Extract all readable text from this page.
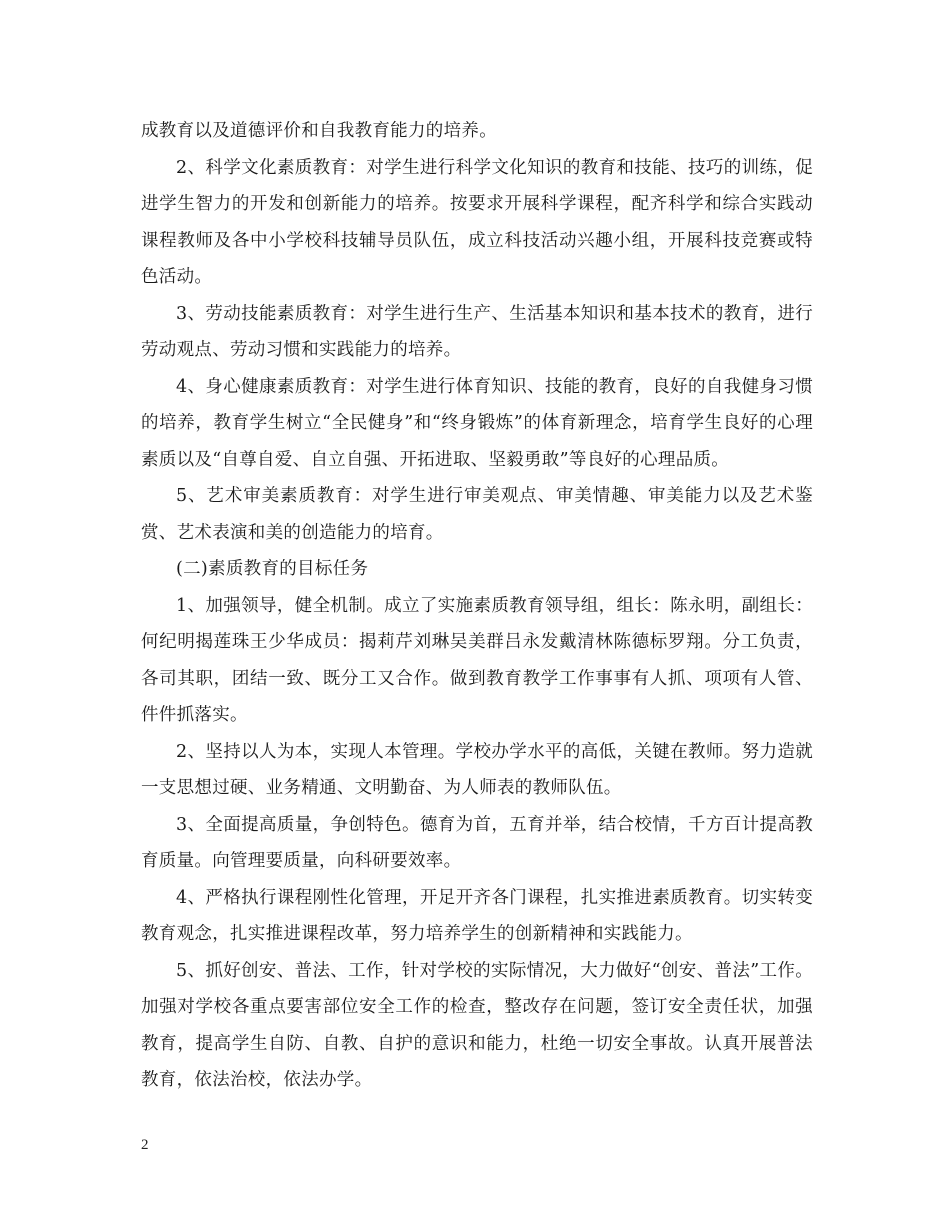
成教育以及道德评价和自我教育能力的培养。

2、科学文化素质教育：对学生进行科学文化知识的教育和技能、技巧的训练，促进学生智力的开发和创新能力的培养。按要求开展科学课程，配齐科学和综合实践动课程教师及各中小学校科技辅导员队伍，成立科技活动兴趣小组，开展科技竞赛或特色活动。

3、劳动技能素质教育：对学生进行生产、生活基本知识和基本技术的教育，进行劳动观点、劳动习惯和实践能力的培养。

4、身心健康素质教育：对学生进行体育知识、技能的教育，良好的自我健身习惯的培养，教育学生树立“全民健身”和“终身锻炼”的体育新理念，培育学生良好的心理素质以及“自尊自爱、自立自强、开拓进取、坚毅勇敢”等良好的心理品质。

5、艺术审美素质教育：对学生进行审美观点、审美情趣、审美能力以及艺术鉴赏、艺术表演和美的创造能力的培育。

(二)素质教育的目标任务

1、加强领导，健全机制。成立了实施素质教育领导组，组长：陈永明，副组长：何纪明揭莲珠王少华成员：揭莉芹刘琳吴美群吕永发戴清林陈德标罗翔。分工负责，各司其职，团结一致、既分工又合作。做到教育教学工作事事有人抓、项项有人管、件件抓落实。

2、坚持以人为本，实现人本管理。学校办学水平的高低，关键在教师。努力造就一支思想过硬、业务精通、文明勤奋、为人师表的教师队伍。

3、全面提高质量，争创特色。德育为首，五育并举，结合校情，千方百计提高教育质量。向管理要质量，向科研要效率。

4、严格执行课程刚性化管理，开足开齐各门课程，扎实推进素质教育。切实转变教育观念，扎实推进课程改革，努力培养学生的创新精神和实践能力。

5、抓好创安、普法、工作，针对学校的实际情况，大力做好“创安、普法”工作。加强对学校各重点要害部位安全工作的检查，整改存在问题，签订安全责任状，加强教育，提高学生自防、自教、自护的意识和能力，杜绝一切安全事故。认真开展普法教育，依法治校，依法办学。

2
